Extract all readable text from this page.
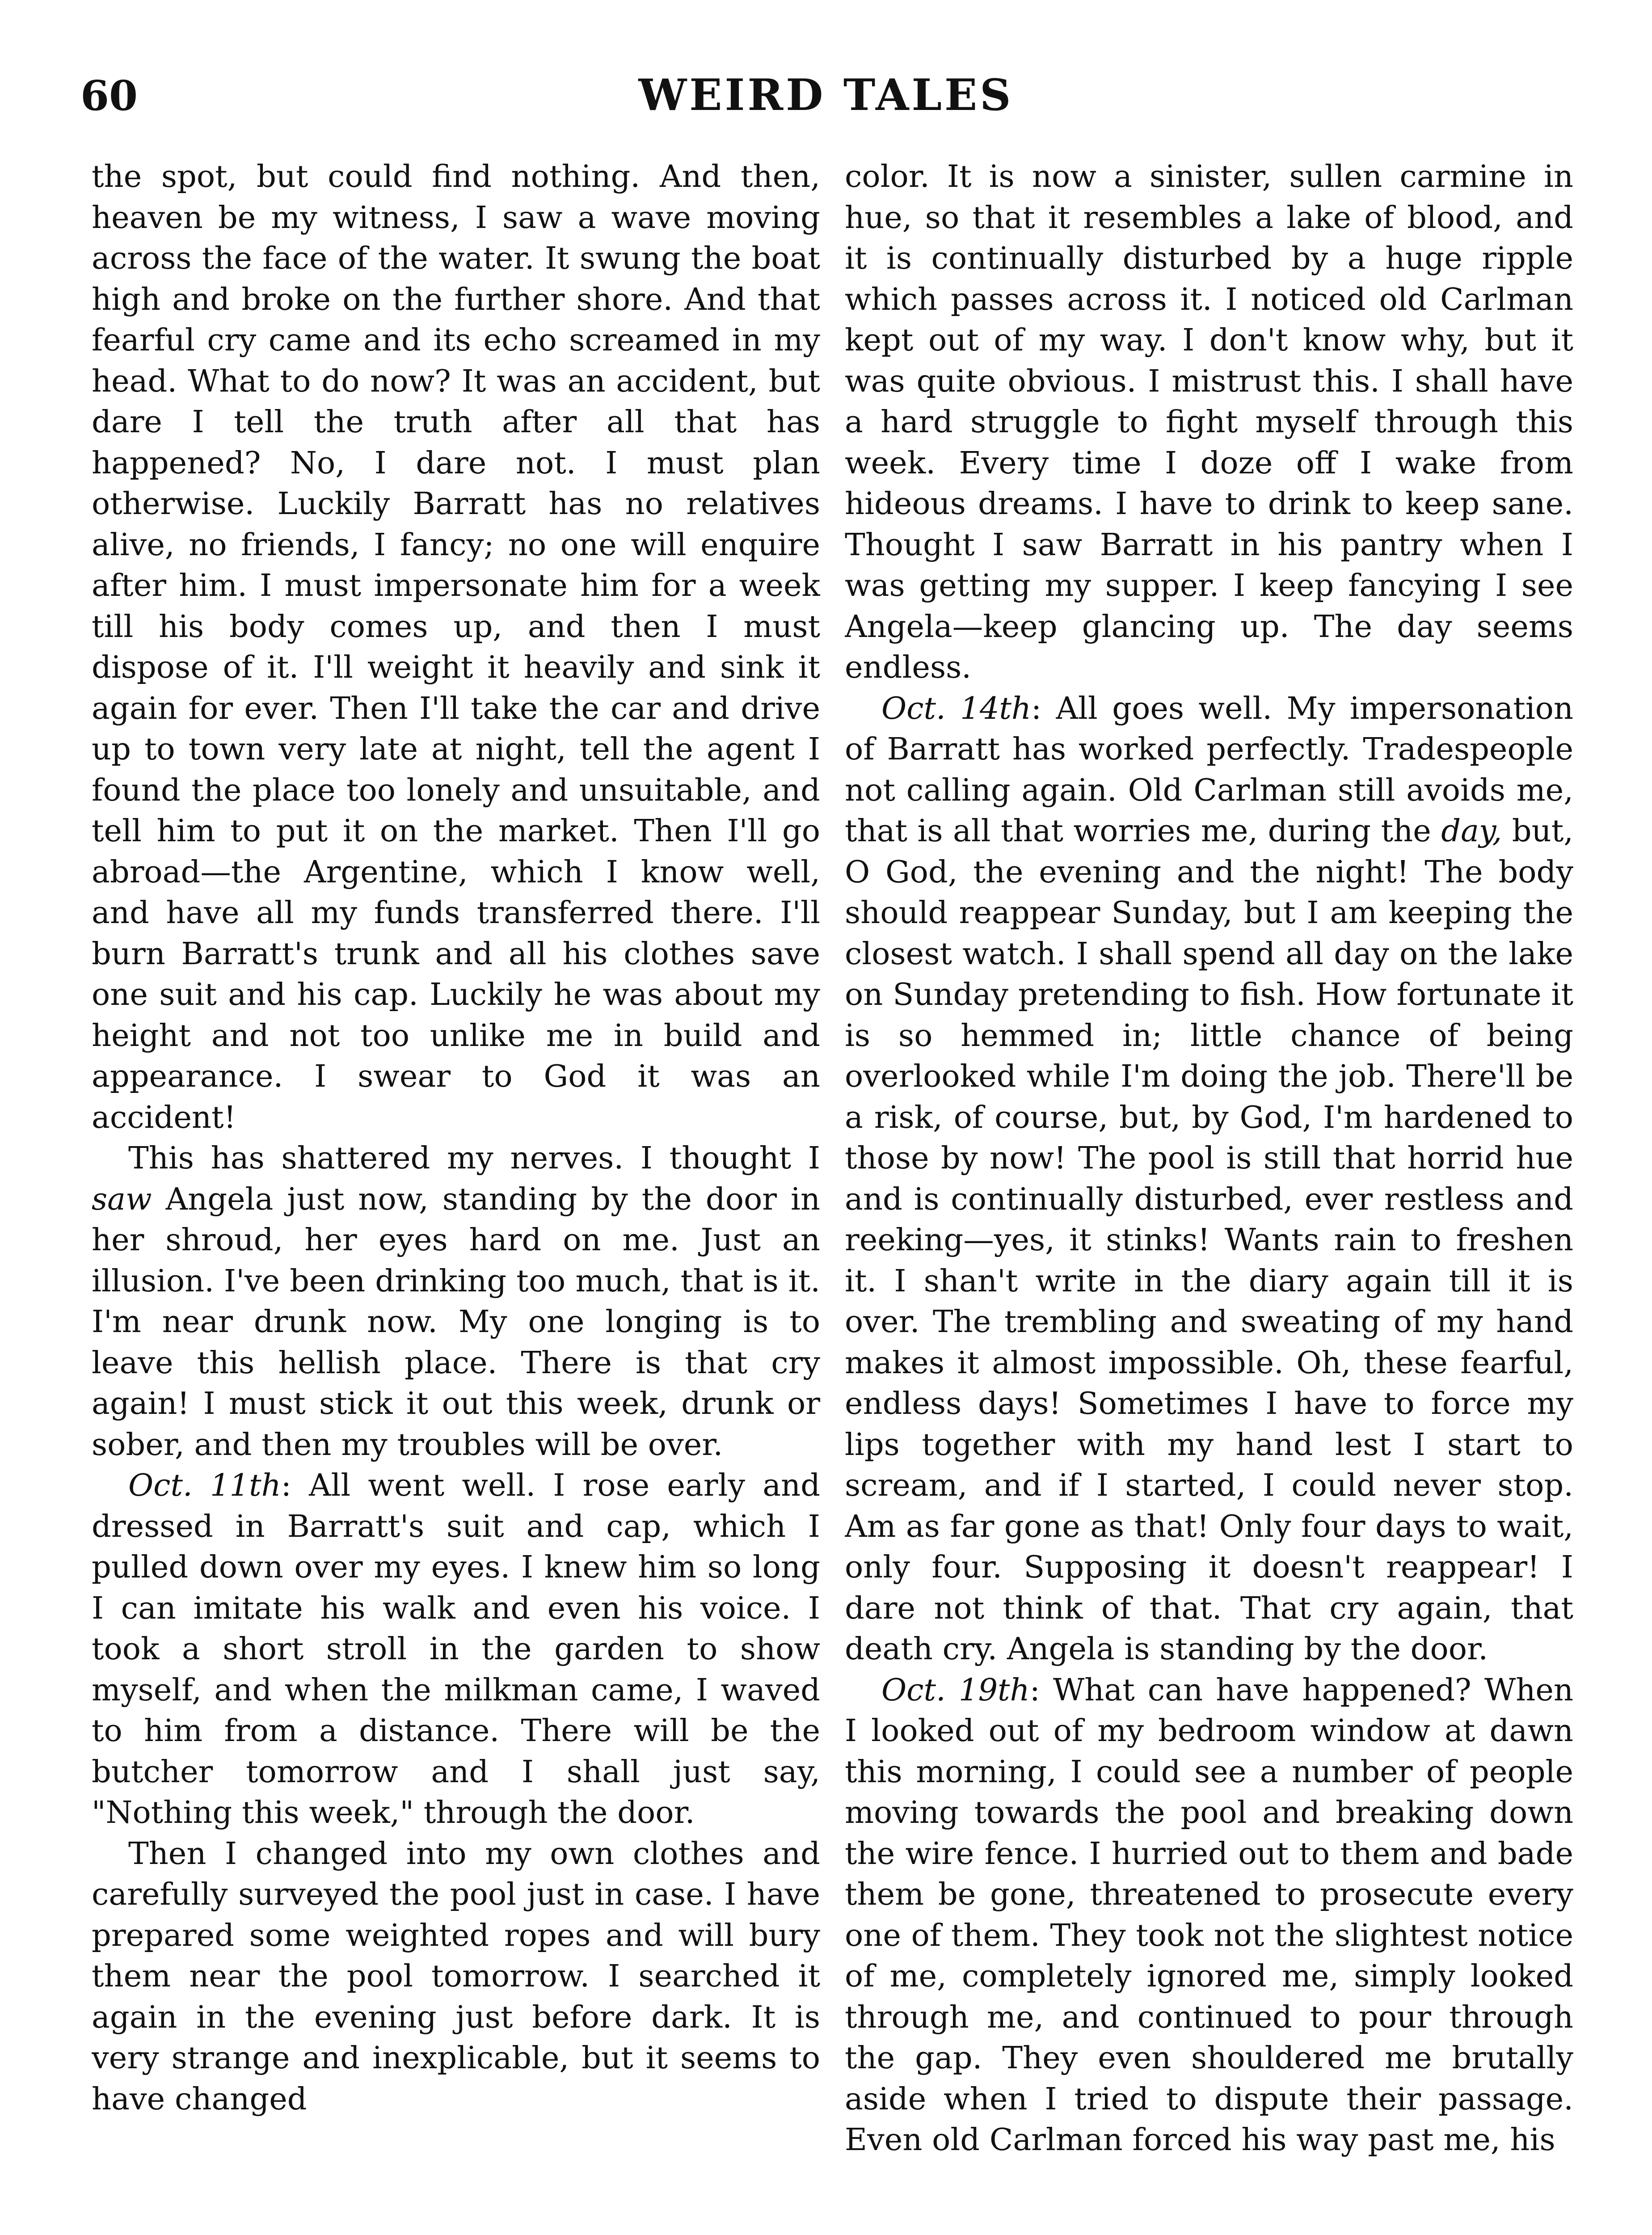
60	WEIRD TALES

the spot, but could find nothing. And then, heaven be my witness, I saw a wave moving across the face of the water. It swung the boat high and broke on the further shore. And that fearful cry came and its echo screamed in my head. What to do now? It was an accident, but dare I tell the truth after all that has happened? No, I dare not. I must plan otherwise. Luckily Barratt has no relatives alive, no friends, I fancy; no one will enquire after him. I must impersonate him for a week till his body comes up, and then I must dispose of it. I'll weight it heavily and sink it again for ever. Then I'll take the car and drive up to town very late at night, tell the agent I found the place too lonely and unsuitable, and tell him to put it on the market. Then I'll go abroad—the Argentine, which I know well, and have all my funds transferred there. I'll burn Barratt's trunk and all his clothes save one suit and his cap. Luckily he was about my height and not too unlike me in build and appearance. I swear to God it was an accident!

This has shattered my nerves. I thought I saw Angela just now, standing by the door in her shroud, her eyes hard on me. Just an illusion. I've been drinking too much, that is it. I'm near drunk now. My one longing is to leave this hellish place. There is that cry again! I must stick it out this week, drunk or sober, and then my troubles will be over.

Oct. 11th: All went well. I rose early and dressed in Barratt's suit and cap, which I pulled down over my eyes. I knew him so long I can imitate his walk and even his voice. I took a short stroll in the garden to show myself, and when the milkman came, I waved to him from a distance. There will be the butcher tomorrow and I shall just say, "Nothing this week," through the door.

Then I changed into my own clothes and carefully surveyed the pool just in case. I have prepared some weighted ropes and will bury them near the pool tomorrow. I searched it again in the evening just before dark. It is very strange and inexplicable, but it seems to have changed

color. It is now a sinister, sullen carmine in hue, so that it resembles a lake of blood, and it is continually disturbed by a huge ripple which passes across it. I noticed old Carlman kept out of my way. I don't know why, but it was quite obvious. I mistrust this. I shall have a hard struggle to fight myself through this week. Every time I doze off I wake from hideous dreams. I have to drink to keep sane. Thought I saw Barratt in his pantry when I was getting my supper. I keep fancying I see Angela—keep glancing up. The day seems endless.

Oct. 14th: All goes well. My impersonation of Barratt has worked perfectly. Tradespeople not calling again. Old Carlman still avoids me, that is all that worries me, during the day, but, O God, the evening and the night! The body should reappear Sunday, but I am keeping the closest watch. I shall spend all day on the lake on Sunday pretending to fish. How fortunate it is so hemmed in; little chance of being overlooked while I'm doing the job. There'll be a risk, of course, but, by God, I'm hardened to those by now! The pool is still that horrid hue and is continually disturbed, ever restless and reeking—yes, it stinks! Wants rain to freshen it. I shan't write in the diary again till it is over. The trembling and sweating of my hand makes it almost impossible. Oh, these fearful, endless days! Sometimes I have to force my lips together with my hand lest I start to scream, and if I started, I could never stop. Am as far gone as that! Only four days to wait, only four. Supposing it doesn't reappear! I dare not think of that. That cry again, that death cry. Angela is standing by the door.

Oct. 19th: What can have happened? When I looked out of my bedroom window at dawn this morning, I could see a number of people moving towards the pool and breaking down the wire fence. I hurried out to them and bade them be gone, threatened to prosecute every one of them. They took not the slightest notice of me, completely ignored me, simply looked through me, and continued to pour through the gap. They even shouldered me brutally aside when I tried to dispute their passage. Even old Carlman forced his way past me, his
